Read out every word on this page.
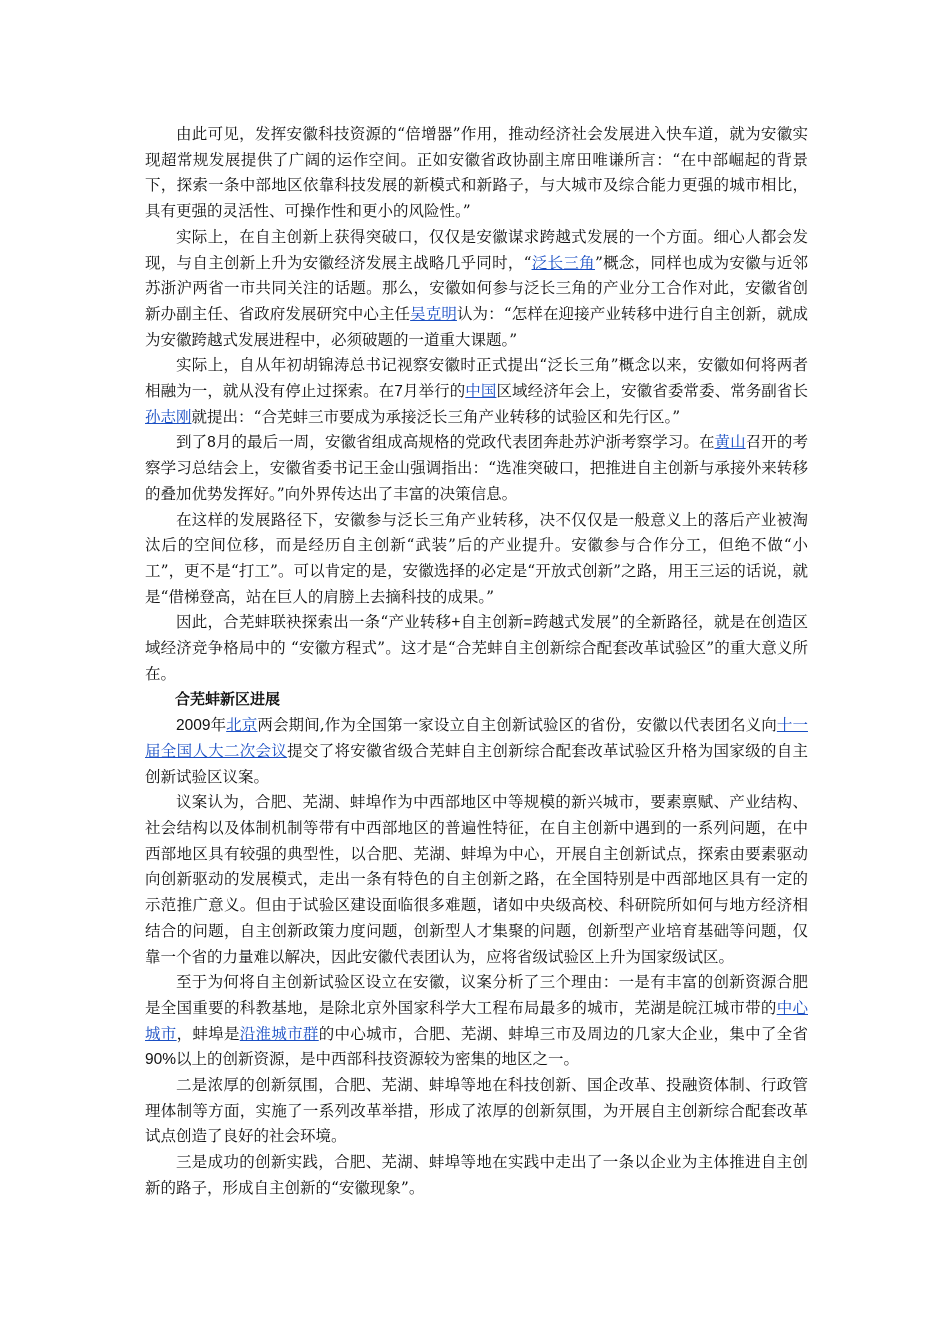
由此可见，发挥安徽科技资源的“倍增器”作用，推动经济社会发展进入快车道，就为安徽实现超常规发展提供了广阔的运作空间。正如安徽省政协副主席田唯谦所言：“在中部崛起的背景下，探索一条中部地区依靠科技发展的新模式和新路子，与大城市及综合能力更强的城市相比，具有更强的灵活性、可操作性和更小的风险性。”

实际上，在自主创新上获得突破口，仅仅是安徽谋求跨越式发展的一个方面。细心人都会发现，与自主创新上升为安徽经济发展主战略几乎同时，“泛长三角”概念，同样也成为安徽与近邻苏浙沪两省一市共同关注的话题。那么，安徽如何参与泛长三角的产业分工合作对此，安徽省创新办副主任、省政府发展研究中心主任吴克明认为：“怎样在迎接产业转移中进行自主创新，就成为安徽跨越式发展进程中，必须破题的一道重大课题。”

实际上，自从年初胡锦涛总书记视察安徽时正式提出“泛长三角”概念以来，安徽如何将两者相融为一，就从没有停止过探索。在7月举行的中国区域经济年会上，安徽省委常委、常务副省长孙志刚就提出：“合芜蚌三市要成为承接泛长三角产业转移的试验区和先行区。”

到了8月的最后一周，安徽省组成高规格的党政代表团奔赴苏沪浙考察学习。在黄山召开的考察学习总结会上，安徽省委书记王金山强调指出：“选准突破口，把推进自主创新与承接外来转移的叠加优势发挥好。”向外界传达出了丰富的决策信息。

在这样的发展路径下，安徽参与泛长三角产业转移，决不仅仅是一般意义上的落后产业被淘汰后的空间位移，而是经历自主创新“武装”后的产业提升。安徽参与合作分工，但绝不做“小工”，更不是“打工”。可以肯定的是，安徽选择的必定是“开放式创新”之路，用王三运的话说，就是“借梯登高，站在巨人的肩膀上去摘科技的成果。”

因此，合芜蚌联袂探索出一条“产业转移+自主创新=跨越式发展”的全新路径，就是在创造区域经济竞争格局中的 “安徽方程式”。这才是“合芜蚌自主创新综合配套改革试验区”的重大意义所在。

合芜蚌新区进展

2009年北京两会期间,作为全国第一家设立自主创新试验区的省份，安徽以代表团名义向十一届全国人大二次会议提交了将安徽省级合芜蚌自主创新综合配套改革试验区升格为国家级的自主创新试验区议案。

议案认为，合肥、芜湖、蚌埠作为中西部地区中等规模的新兴城市，要素禀赋、产业结构、社会结构以及体制机制等带有中西部地区的普遍性特征，在自主创新中遇到的一系列问题，在中西部地区具有较强的典型性，以合肥、芜湖、蚌埠为中心，开展自主创新试点，探索由要素驱动向创新驱动的发展模式，走出一条有特色的自主创新之路，在全国特别是中西部地区具有一定的示范推广意义。但由于试验区建设面临很多难题，诸如中央级高校、科研院所如何与地方经济相结合的问题，自主创新政策力度问题，创新型人才集聚的问题，创新型产业培育基础等问题，仅靠一个省的力量难以解决，因此安徽代表团认为，应将省级试验区上升为国家级试区。

至于为何将自主创新试验区设立在安徽，议案分析了三个理由：一是有丰富的创新资源合肥是全国重要的科教基地，是除北京外国家科学大工程布局最多的城市，芜湖是皖江城市带的中心城市，蚌埠是沿淮城市群的中心城市，合肥、芜湖、蚌埠三市及周边的几家大企业，集中了全省90%以上的创新资源，是中西部科技资源较为密集的地区之一。

二是浓厚的创新氛围，合肥、芜湖、蚌埠等地在科技创新、国企改革、投融资体制、行政管理体制等方面，实施了一系列改革举措，形成了浓厚的创新氛围，为开展自主创新综合配套改革试点创造了良好的社会环境。

三是成功的创新实践，合肥、芜湖、蚌埠等地在实践中走出了一条以企业为主体推进自主创新的路子，形成自主创新的“安徽现象”。
